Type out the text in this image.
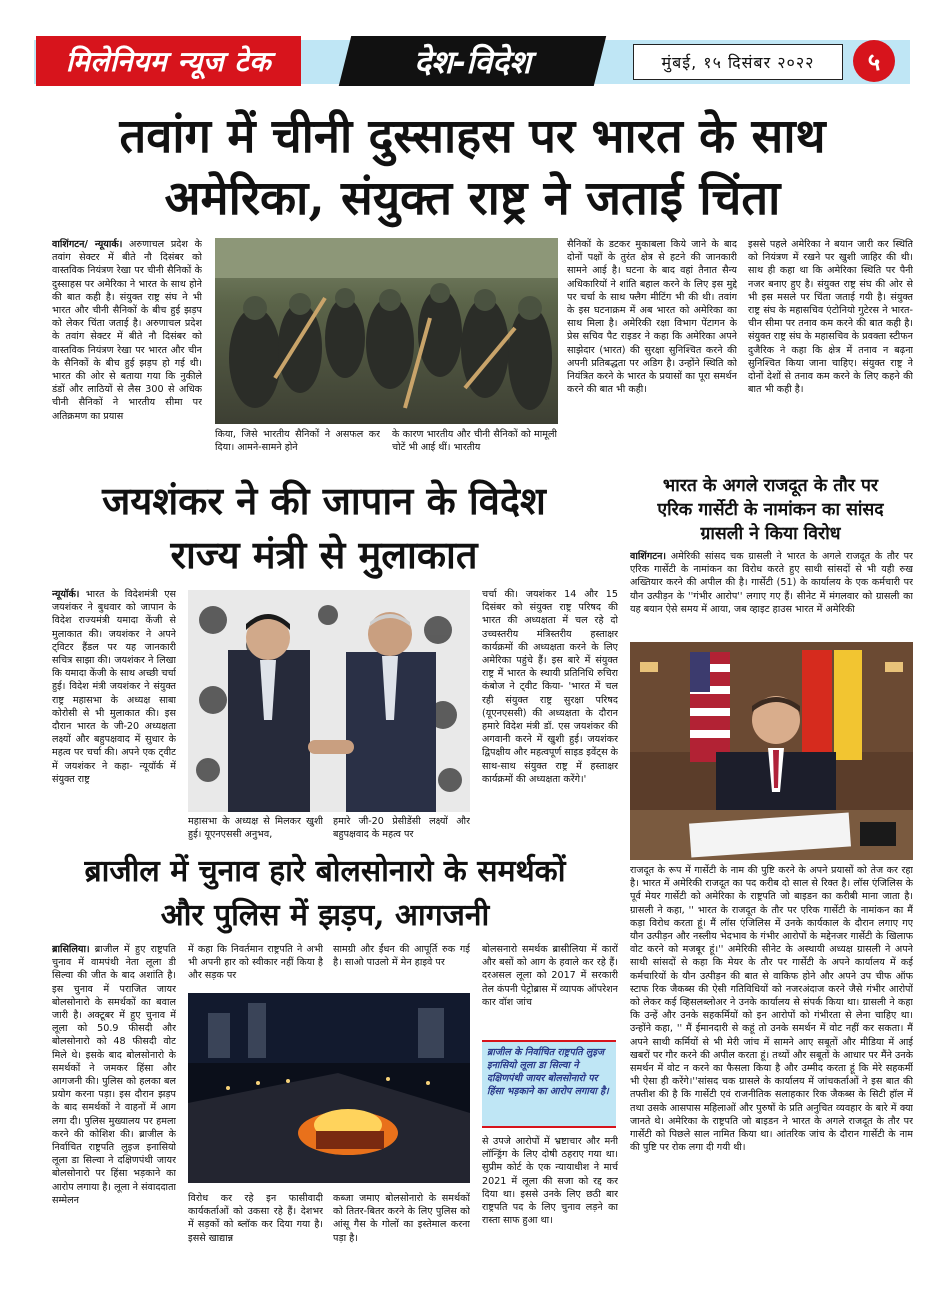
मिलेनियम न्यूज टेक	देश-विदेश	मुंबई, १५ दिसंबर २०२२ ५
तवांग में चीनी दुस्साहस पर भारत के साथ
अमेरिका, संयुक्त राष्ट्र ने जताई चिंता
वाशिंगटन/ न्यूयार्क। अरुणाचल प्रदेश के तवांग सेक्टर में बीते नौ दिसंबर को वास्तविक नियंत्रण रेखा पर चीनी सैनिकों के दुस्साहस पर अमेरिका ने भारत के साथ होने की बात कही है। संयुक्त राष्ट्र संघ ने भी भारत और चीनी सैनिकों के बीच हुई झड़प को लेकर चिंता जताई है। अरुणाचल प्रदेश के तवांग सेक्टर में बीते नौ दिसंबर को वास्तविक नियंत्रण रेखा पर भारत और चीन के सैनिकों के बीच हुई झड़प हो गई थी। भारत की ओर से बताया गया कि नुकीले डंडों और लाठियों से लैस 300 से अधिक चीनी सैनिकों ने भारतीय सीमा पर अतिक्रमण का प्रयास
किया, जिसे भारतीय सैनिकों ने असफल कर दिया। आमने-सामने होने
के कारण भारतीय और चीनी सैनिकों को मामूली चोटें भी आई थीं। भारतीय
सैनिकों के डटकर मुकाबला किये जाने के बाद दोनों पक्षों के तुरंत क्षेत्र से हटने की जानकारी सामने आई है। घटना के बाद वहां तैनात सैन्य अधिकारियों ने शांति बहाल करने के लिए इस मुद्दे पर चर्चा के साथ फ्लैग मीटिंग भी की थी। तवांग के इस घटनाक्रम में अब भारत को अमेरिका का साथ मिला है। अमेरिकी रक्षा विभाग पेंटागन के प्रेस सचिव पैट राइडर ने कहा कि अमेरिका अपने साझेदार (भारत) की सुरक्षा सुनिश्चित करने की अपनी प्रतिबद्धता पर अडिग है। उन्होंने स्थिति को नियंत्रित करने के भारत के प्रयासों का पूरा समर्थन करने की बात भी कही।
इससे पहले अमेरिका ने बयान जारी कर स्थिति को नियंत्रण में रखने पर खुशी जाहिर की थी। साथ ही कहा था कि अमेरिका स्थिति पर पैनी नजर बनाए हुए है। संयुक्त राष्ट्र संघ की ओर से भी इस मसले पर चिंता जताई गयी है। संयुक्त राष्ट्र संघ के महासचिव एंटोनियो गुटेरस ने भारत-चीन सीमा पर तनाव कम करने की बात कही है। संयुक्त राष्ट्र संघ के महासचिव के प्रवक्ता स्टीफन दुजैरिक ने कहा कि क्षेत्र में तनाव न बढ़ना सुनिश्चित किया जाना चाहिए। संयुक्त राष्ट्र ने दोनों देशों से तनाव कम करने के लिए कहने की बात भी कही है।
जयशंकर ने की जापान के विदेश
राज्य मंत्री से मुलाकात
न्यूयॉर्क। भारत के विदेशमंत्री एस जयशंकर ने बुधवार को जापान के विदेश राज्यमंत्री यमादा केंजी से मुलाकात की। जयशंकर ने अपने ट्विटर हैंडल पर यह जानकारी सचित्र साझा की। जयशंकर ने लिखा कि यमादा केंजी के साथ अच्छी चर्चा हुई। विदेश मंत्री जयशंकर ने संयुक्त राष्ट्र महासभा के अध्यक्ष साबा कोरोसी से भी मुलाकात की। इस दौरान भारत के जी-20 अध्यक्षता लक्ष्यों और बहुपक्षवाद में सुधार के महत्व पर चर्चा की। अपने एक ट्वीट में जयशंकर ने कहा- न्यूयॉर्क में संयुक्त राष्ट्र
महासभा के अध्यक्ष से मिलकर खुशी हुई। यूएनएससी अनुभव,
हमारे जी-20 प्रेसीडेंसी लक्ष्यों और बहुपक्षवाद के महत्व पर
चर्चा की। जयशंकर 14 और 15 दिसंबर को संयुक्त राष्ट्र परिषद की भारत की अध्यक्षता में चल रहे दो उच्चस्तरीय मंत्रिस्तरीय हस्ताक्षर कार्यक्रमों की अध्यक्षता करने के लिए अमेरिका पहुंचे हैं। इस बारे में संयुक्त राष्ट्र में भारत के स्थायी प्रतिनिधि रुचिरा कंबोज ने ट्वीट किया- 'भारत में चल रही संयुक्त राष्ट्र सुरक्षा परिषद (यूएनएससी) की अध्यक्षता के दौरान हमारे विदेश मंत्री डॉ. एस जयशंकर की अगवानी करने में खुशी हुई। जयशंकर द्विपक्षीय और महत्वपूर्ण साइड इवेंट्स के साथ-साथ संयुक्त राष्ट्र में हस्ताक्षर कार्यक्रमों की अध्यक्षता करेंगे।'
भारत के अगले राजदूत के तौर पर
एरिक गार्सेटी के नामांकन का सांसद
ग्रासली ने किया विरोध
वाशिंगटन। अमेरिकी सांसद चक ग्रासली ने भारत के अगले राजदूत के तौर पर एरिक गार्सेटी के नामांकन का विरोध करते हुए साथी सांसदों से भी यही रुख अख्तियार करने की अपील की है। गार्सेटी (51) के कार्यालय के एक कर्मचारी पर यौन उत्पीड़न के ''गंभीर आरोप'' लगाए गए हैं। सीनेट में मंगलवार को ग्रासली का यह बयान ऐसे समय में आया, जब व्हाइट हाउस भारत में अमेरिकी
राजदूत के रूप में गार्सेटी के नाम की पुष्टि करने के अपने प्रयासों को तेज कर रहा है। भारत में अमेरिकी राजदूत का पद करीब दो साल से रिक्त है। लॉस एंजिलिस के पूर्व मेयर गार्सेटी को अमेरिका के राष्ट्रपति जो बाइडन का करीबी माना जाता है।ग्रासली ने कहा, '' भारत के राजदूत के तौर पर एरिक गार्सेटी के नामांकन का मैं कड़ा विरोध करता हूं। मैं लॉस एंजिलिस में उनके कार्यकाल के दौरान लगाए गए यौन उत्पीड़न और नस्लीय भेदभाव के गंभीर आरोपों के मद्देनजर गार्सेटी के खिलाफ वोट करने को मजबूर हूं।'' अमेरिकी सीनेट के अस्थायी अध्यक्ष ग्रासली ने अपने साथी सांसदों से कहा कि मेयर के तौर पर गार्सेटी के अपने कार्यालय में कई कर्मचारियों के यौन उत्पीड़न की बात से वाकिफ होने और अपने उप चीफ ऑफ स्टाफ रिक जैकब्स की ऐसी गतिविधियों को नजरअंदाज करने जैसे गंभीर आरोपों को लेकर कई व्हिसलब्लोअर ने उनके कार्यालय से संपर्क किया था। ग्रासली ने कहा कि उन्हें और उनके सहकर्मियों को इन आरोपों को गंभीरता से लेना चाहिए था। उन्होंने कहा, '' मैं ईमानदारी से कहूं तो उनके समर्थन में वोट नहीं कर सकता। मैं अपने साथी कर्मियों से भी मेरी जांच में सामने आए सबूतों और मीडिया में आई खबरों पर गौर करने की अपील करता हूं। तथ्यों और सबूतों के आधार पर मैंने उनके समर्थन में वोट न करने का फैसला किया है और उम्मीद करता हूं कि मेरे सहकर्मी भी ऐसा ही करेंगे।''सांसद चक ग्रासले के कार्यालय में जांचकर्ताओं ने इस बात की तफ्तीश की है कि गार्सेटी एवं राजनीतिक सलाहकार रिक जैकब्स के सिटी हॉल में तथा उसके आसपास महिलाओं और पुरुषों के प्रति अनुचित व्यवहार के बारे में क्या जानते थे। अमेरिका के राष्ट्रपति जो बाइडन ने भारत के अगले राजदूत के तौर पर गार्सेटी को पिछले साल नामित किया था। आंतरिक जांच के दौरान गार्सेटी के नाम की पुष्टि पर रोक लगा दी गयी थी।
ब्राजील में चुनाव हारे बोलसोनारो के समर्थकों
और पुलिस में झड़प, आगजनी
ब्रासिलिया। ब्राजील में हुए राष्ट्रपति चुनाव में वामपंथी नेता लूला डी सिल्वा की जीत के बाद अशांति है। इस चुनाव में पराजित जायर बोलसोनारो के समर्थकों का बवाल जारी है। अक्टूबर में हुए चुनाव में लूला को 50.9 फीसदी और बोलसोनारो को 48 फीसदी वोट मिले थे। इसके बाद बोलसोनारो के समर्थकों ने जमकर हिंसा और आगजनी की। पुलिस को हलका बल प्रयोग करना पड़ा। इस दौरान झड़प के बाद समर्थकों ने वाहनों में आग लगा दी। पुलिस मुख्यालय पर हमला करने की कोशिश की। ब्राजील के निर्वाचित राष्ट्रपति लुइज इनासियो लूला डा सिल्वा ने दक्षिणपंथी जायर बोलसोनारो पर हिंसा भड़काने का आरोप लगाया है। लूला ने संवाददाता सम्मेलन
में कहा कि निवर्तमान राष्ट्रपति ने अभी भी अपनी हार को स्वीकार नहीं किया है और सड़क पर
सामग्री और ईंधन की आपूर्ति रुक गई है। साओ पाउलो में मेन हाइवे पर
विरोध कर रहे इन फासीवादी कार्यकर्ताओं को उकसा रहे हैं। देशभर में सड़कों को ब्लॉक कर दिया गया है। इससे खाद्यान्न
कब्जा जमाए बोलसोनारो के समर्थकों को तितर-बितर करने के लिए पुलिस को आंसू गैस के गोलों का इस्तेमाल करना पड़ा है।
बोलसनारो समर्थक ब्रासीलिया में कारों और बसों को आग के हवाले कर रहे हैं। दरअसल लूला को 2017 में सरकारी तेल कंपनी पेट्रोब्रास में व्यापक ऑपरेशन कार वॉश जांच
ब्राजील के निर्वाचित राष्ट्रपति लुइज इनासियो लूला डा सिल्वा ने दक्षिणपंथी जायर बोलसोनारो पर हिंसा भड़काने का आरोप लगाया है।
से उपजे आरोपों में भ्रष्टाचार और मनी लॉन्ड्रिंग के लिए दोषी ठहराए गया था। सुप्रीम कोर्ट के एक न्यायाधीश ने मार्च 2021 में लूला की सजा को रद्द कर दिया था। इससे उनके लिए छठी बार राष्ट्रपति पद के लिए चुनाव लड़ने का रास्ता साफ हुआ था।
